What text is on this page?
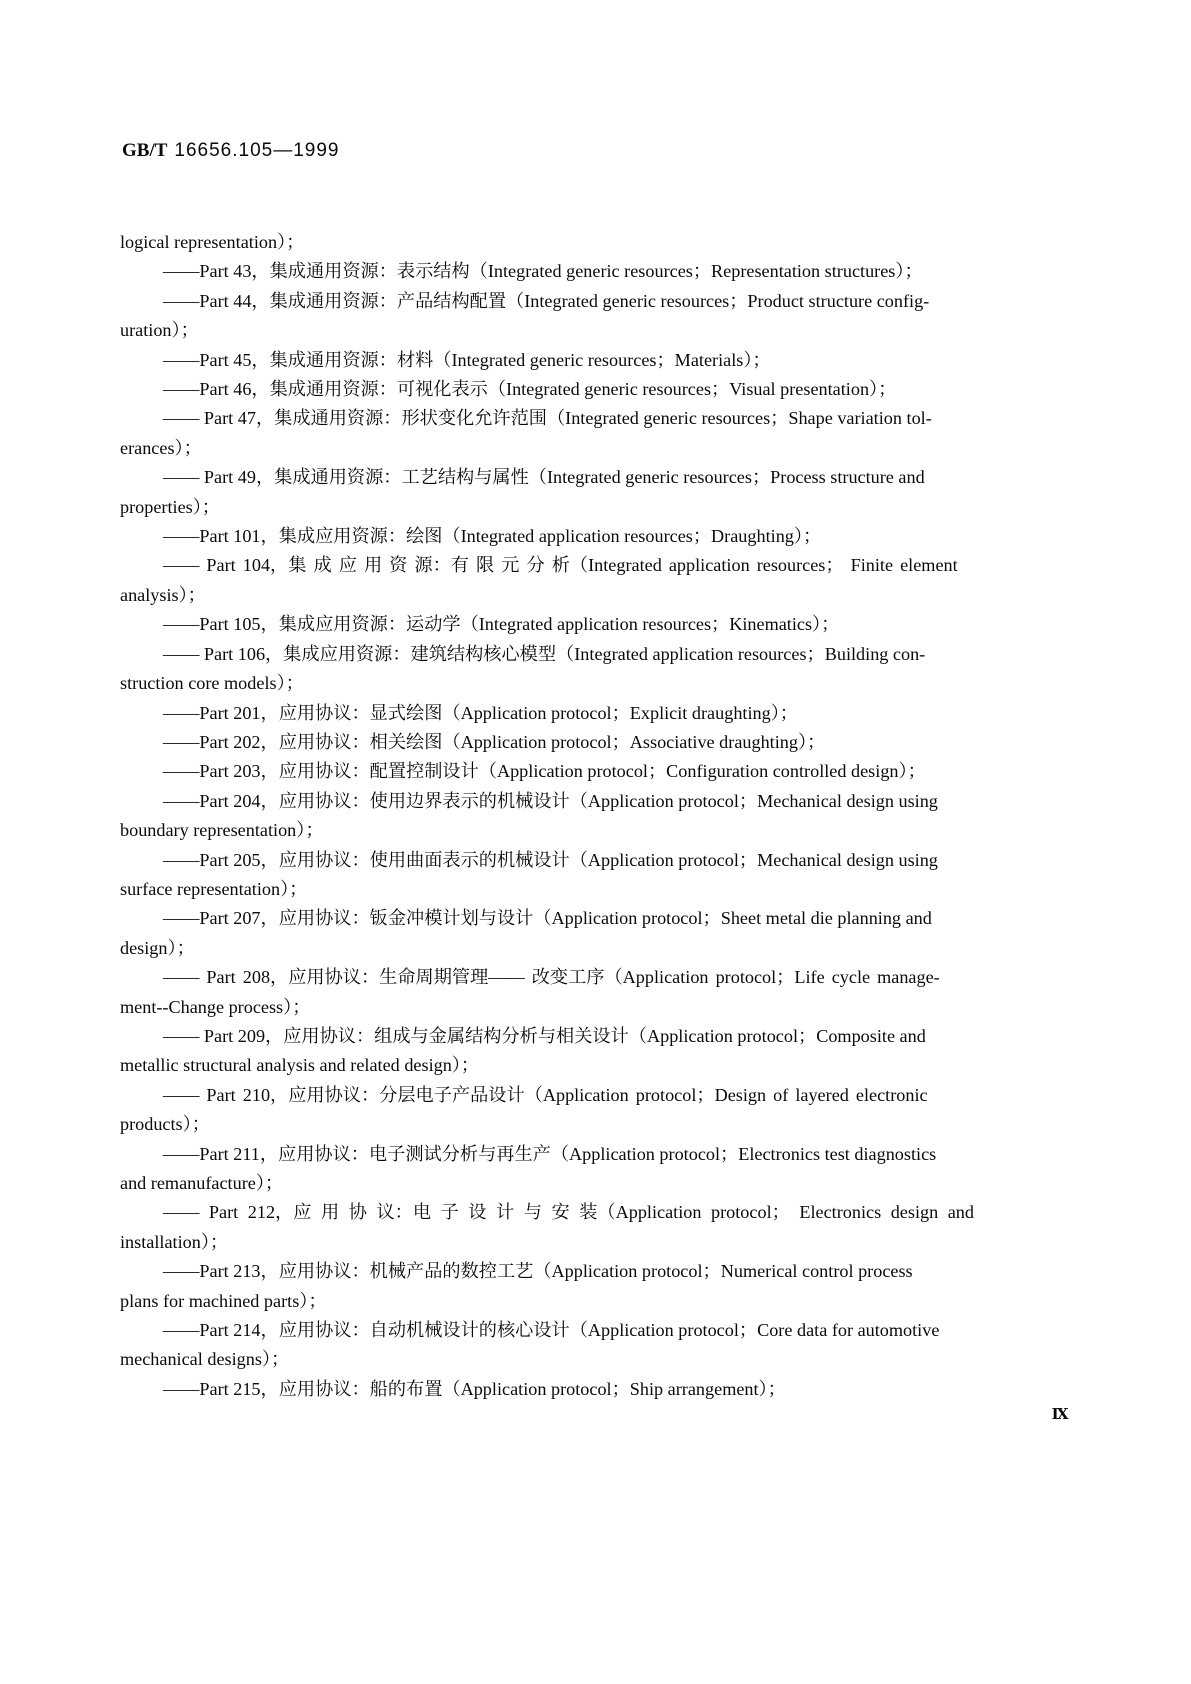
GB/T 16656.105—1999

logical representation）；

——Part 43，集成通用资源：表示结构（Integrated generic resources；Representation structures）；

——Part 44，集成通用资源：产品结构配置（Integrated generic resources；Product structure config-

uration）；

——Part 45，集成通用资源：材料（Integrated generic resources；Materials）；

——Part 46，集成通用资源：可视化表示（Integrated generic resources；Visual presentation）；

—— Part 47，集成通用资源：形状变化允许范围（Integrated generic resources；Shape variation tol-

erances）；

—— Part 49，集成通用资源：工艺结构与属性（Integrated generic resources；Process structure and

properties）；

——Part 101，集成应用资源：绘图（Integrated application resources；Draughting）；

—— Part 104，集 成 应 用 资 源：有 限 元 分 析（Integrated application resources； Finite element

analysis）；

——Part 105，集成应用资源：运动学（Integrated application resources；Kinematics）；

—— Part 106，集成应用资源：建筑结构核心模型（Integrated application resources；Building con-

struction core models）；

——Part 201，应用协议：显式绘图（Application protocol；Explicit draughting）；

——Part 202，应用协议：相关绘图（Application protocol；Associative draughting）；

——Part 203，应用协议：配置控制设计（Application protocol；Configuration controlled design）；

——Part 204，应用协议：使用边界表示的机械设计（Application protocol；Mechanical design using

boundary representation）；

——Part 205，应用协议：使用曲面表示的机械设计（Application protocol；Mechanical design using

surface representation）；

——Part 207，应用协议：钣金冲模计划与设计（Application protocol；Sheet metal die planning and

design）；

—— Part 208，应用协议：生命周期管理—— 改变工序（Application protocol；Life cycle manage-

ment--Change process）；

—— Part 209，应用协议：组成与金属结构分析与相关设计（Application protocol；Composite and

metallic structural analysis and related design）；

—— Part 210，应用协议：分层电子产品设计（Application protocol；Design of layered electronic

products）；

——Part 211，应用协议：电子测试分析与再生产（Application protocol；Electronics test diagnostics

and remanufacture）；

—— Part 212，应 用 协 议：电 子 设 计 与 安 装（Application protocol； Electronics design and

installation）；

——Part 213，应用协议：机械产品的数控工艺（Application protocol；Numerical control process

plans for machined parts）；

——Part 214，应用协议：自动机械设计的核心设计（Application protocol；Core data for automotive

mechanical designs）；

——Part 215，应用协议：船的布置（Application protocol；Ship arrangement）；

Ⅸ
